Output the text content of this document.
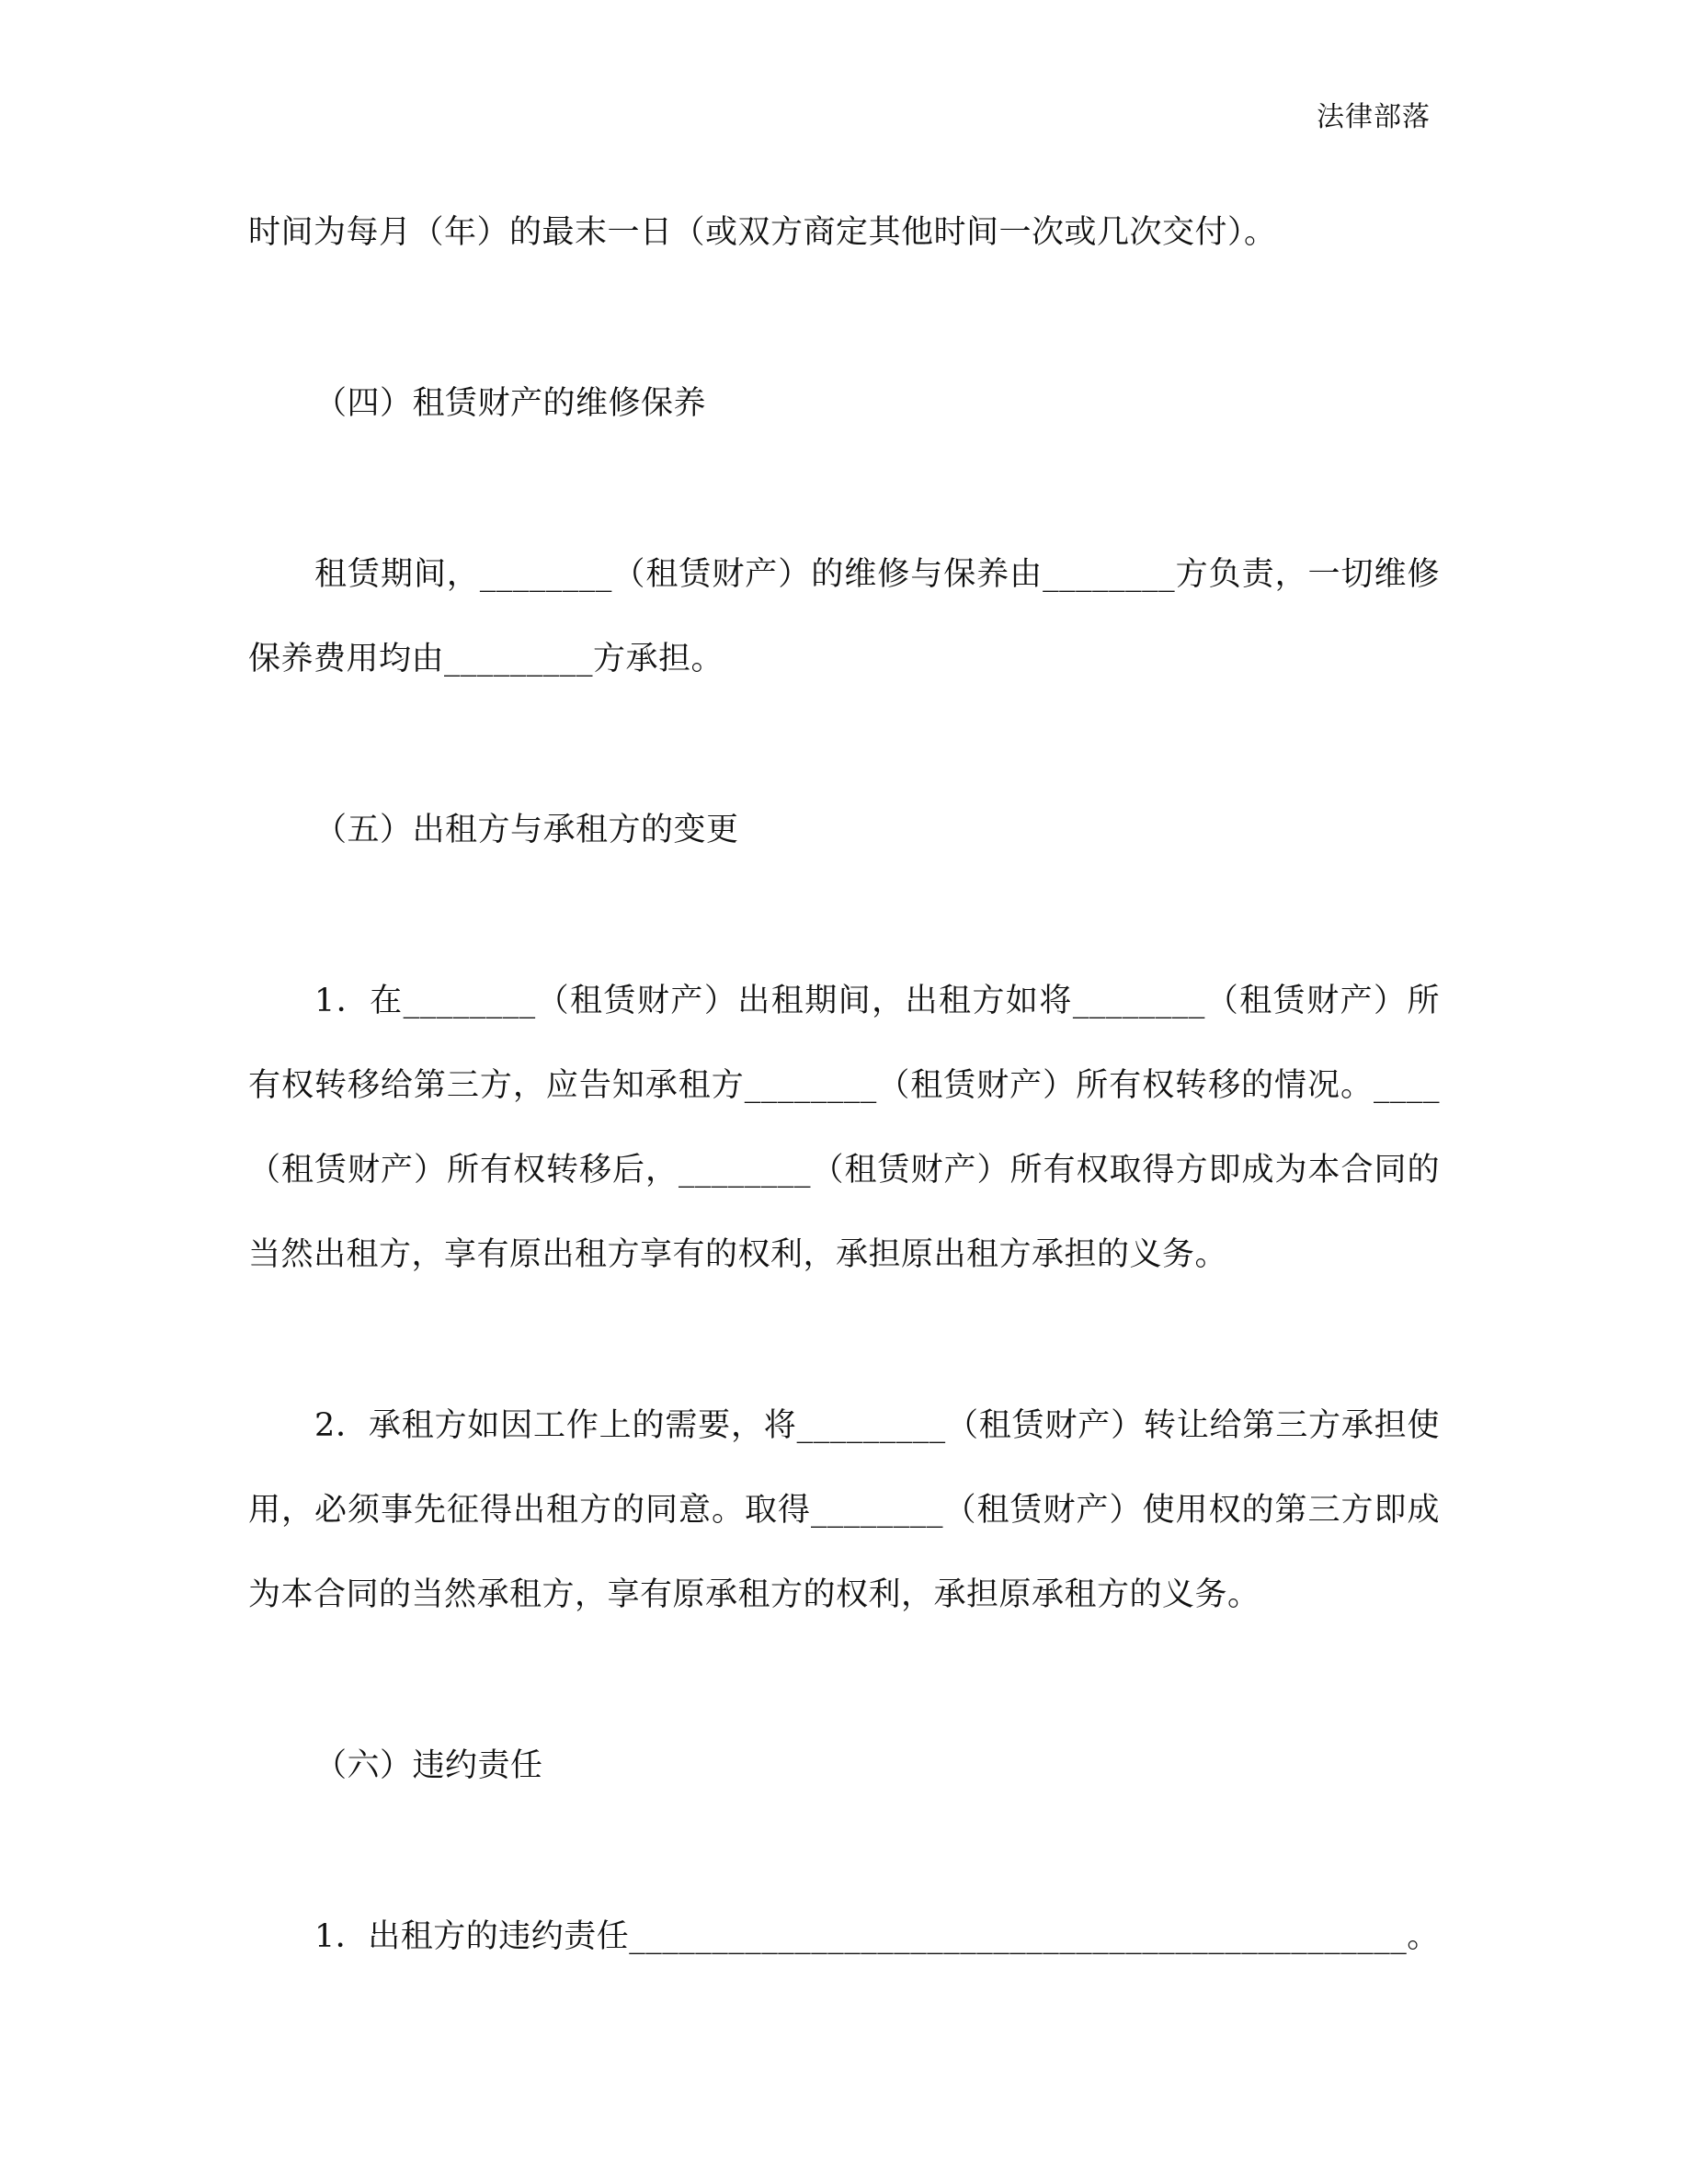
法律部落

时间为每月（年）的最末一日（或双方商定其他时间一次或几次交付）。

（四）租赁财产的维修保养

租赁期间，________（租赁财产）的维修与保养由________方负责，一切维修保养费用均由_________方承担。

（五）出租方与承租方的变更

1．在________（租赁财产）出租期间，出租方如将________（租赁财产）所有权转移给第三方，应告知承租方________（租赁财产）所有权转移的情况。____（租赁财产）所有权转移后，________（租赁财产）所有权取得方即成为本合同的当然出租方，享有原出租方享有的权利，承担原出租方承担的义务。

2．承租方如因工作上的需要，将_________（租赁财产）转让给第三方承担使用，必须事先征得出租方的同意。取得________（租赁财产）使用权的第三方即成为本合同的当然承租方，享有原承租方的权利，承担原承租方的义务。

（六）违约责任

1．出租方的违约责任_______________________________________________。
